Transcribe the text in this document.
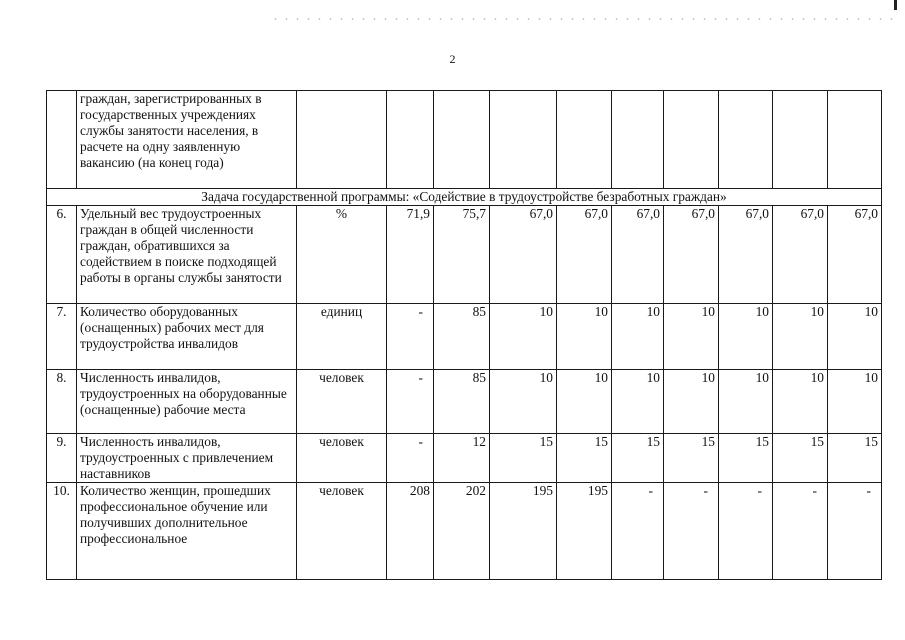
2
	граждан, зарегистрированных в государственных учреждениях службы занятости населения, в расчете на одну заявленную вакансию (на конец года)										
Задача государственной программы: «Содействие в трудоустройстве безработных граждан»											
6.	Удельный вес трудоустроенных граждан в общей численности граждан, обратившихся за содействием в поиске подходящей работы в органы службы занятости	%	71,9	75,7	67,0	67,0	67,0	67,0	67,0	67,0	67,0
7.	Количество оборудованных (оснащенных) рабочих мест для трудоустройства инвалидов	единиц	-	85	10	10	10	10	10	10	10
8.	Численность инвалидов, трудоустроенных на оборудованные (оснащенные) рабочие места	человек	-	85	10	10	10	10	10	10	10
9.	Численность инвалидов, трудоустроенных с привлечением наставников	человек	-	12	15	15	15	15	15	15	15
10.	Количество женщин, прошедших профессиональное обучение или получивших дополнительное профессиональное	человек	208	202	195	195	-	-	-	-	-
